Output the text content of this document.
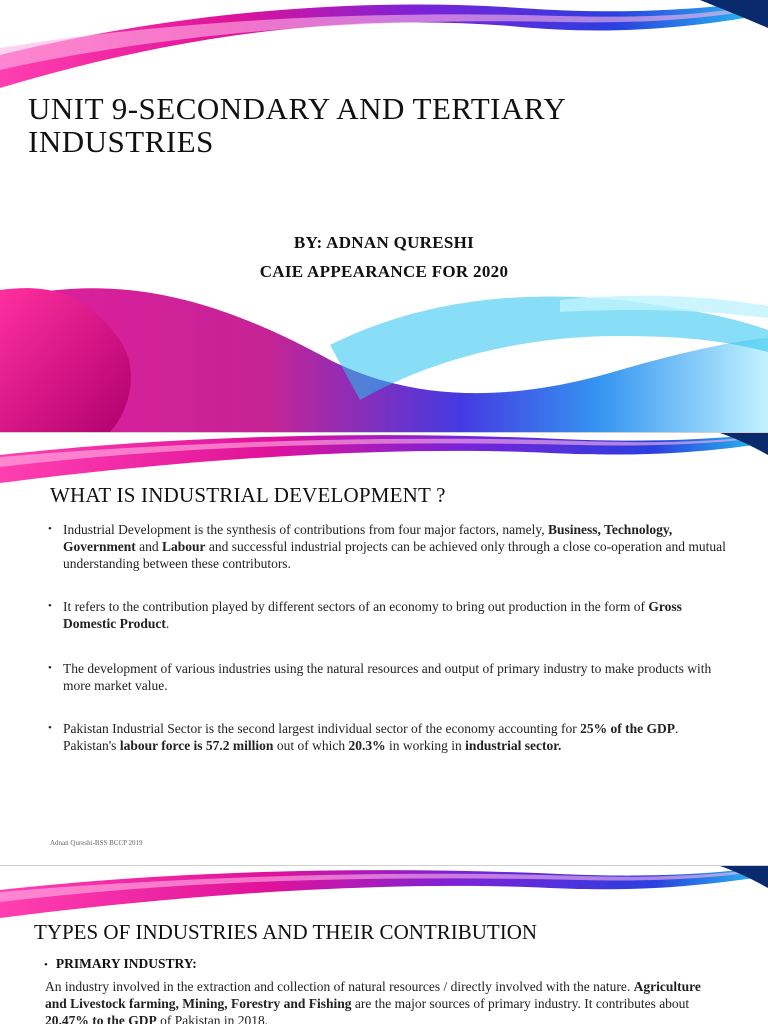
UNIT 9-SECONDARY AND TERTIARY INDUSTRIES
BY: ADNAN QURESHI
CAIE APPEARANCE FOR 2020
WHAT IS INDUSTRIAL DEVELOPMENT ?
• Industrial Development is the synthesis of contributions from four major factors, namely, Business, Technology, Government and Labour and successful industrial projects can be achieved only through a close co-operation and mutual understanding between these contributors.
• It refers to the contribution played by different sectors of an economy to bring out production in the form of Gross Domestic Product.
• The development of various industries using the natural resources and output of primary industry to make products with more market value.
• Pakistan Industrial Sector is the second largest individual sector of the economy accounting for 25% of the GDP. Pakistan's labour force is 57.2 million out of which 20.3% in working in industrial sector.
Adnan Qureshi-BSS BCCP 2019
TYPES OF INDUSTRIES AND THEIR CONTRIBUTION
• PRIMARY INDUSTRY:

An industry involved in the extraction and collection of natural resources / directly involved with the nature. Agriculture and Livestock farming, Mining, Forestry and Fishing are the major sources of primary industry. It contributes about 20.47% to the GDP of Pakistan in 2018.
